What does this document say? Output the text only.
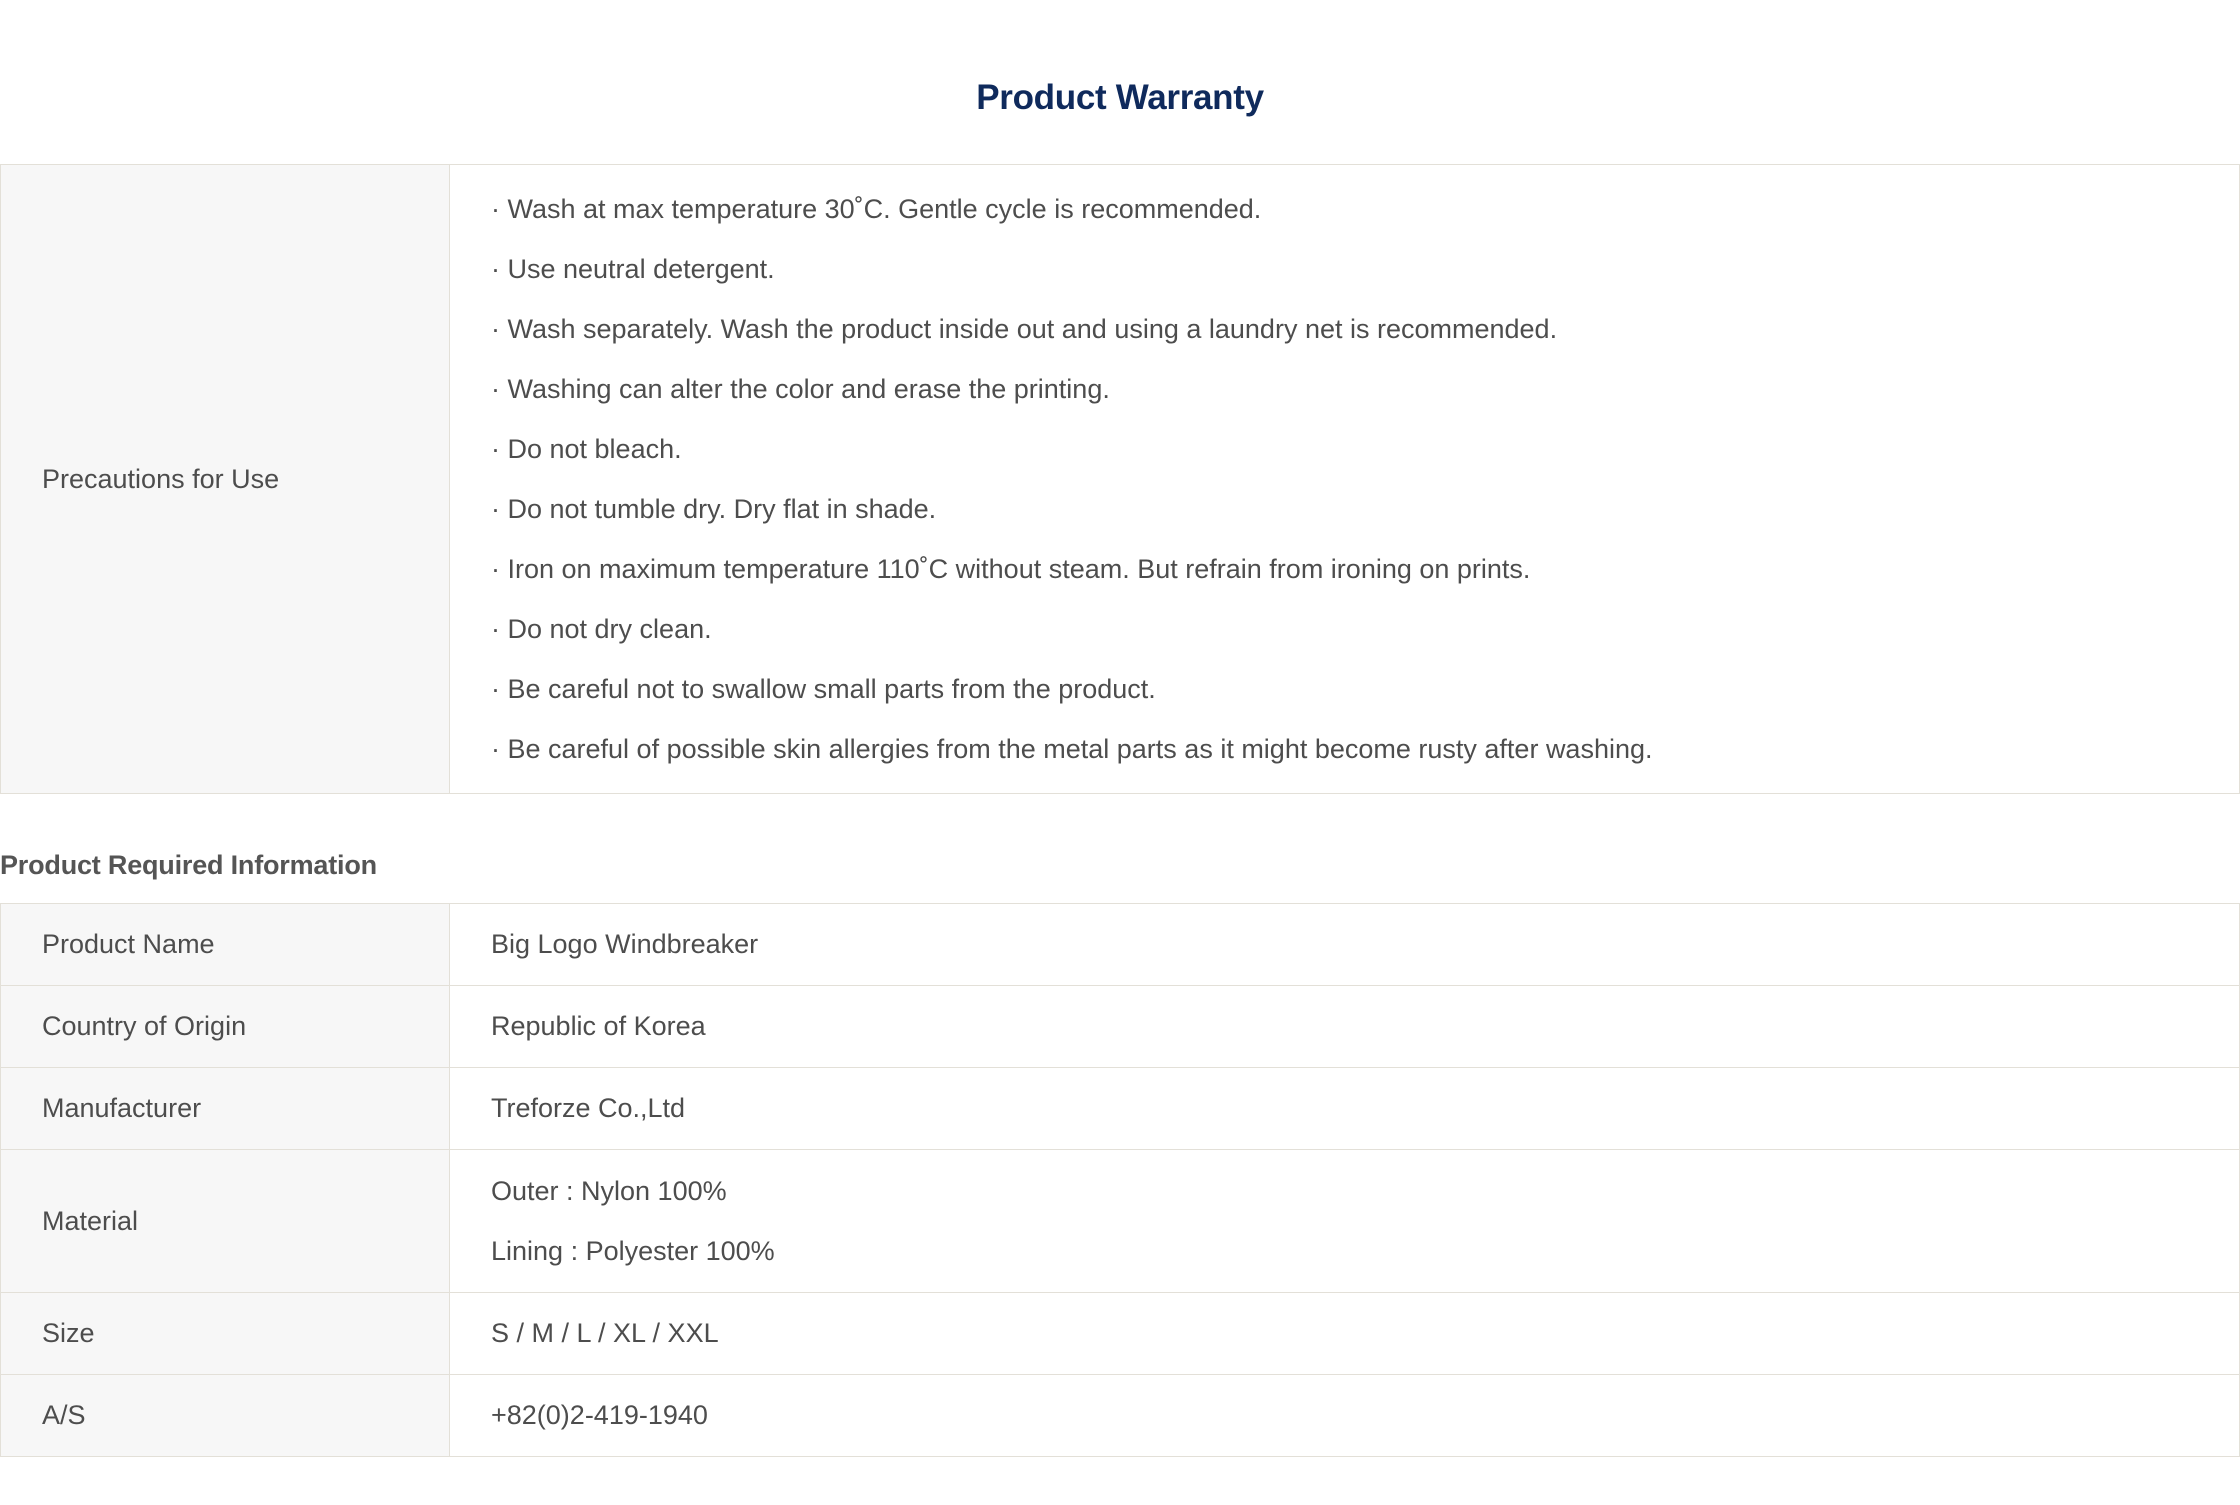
Product Warranty
Precautions for Use	
· Wash at max temperature 30˚C. Gentle cycle is recommended.
· Use neutral detergent.
· Wash separately. Wash the product inside out and using a laundry net is recommended.
· Washing can alter the color and erase the printing.
· Do not bleach.
· Do not tumble dry. Dry flat in shade.
· Iron on maximum temperature 110˚C without steam. But refrain from ironing on prints.
· Do not dry clean.
· Be careful not to swallow small parts from the product.
· Be careful of possible skin allergies from the metal parts as it might become rusty after washing.
Product Required Information
Product Name	Big Logo Windbreaker
Country of Origin	Republic of Korea
Manufacturer	Treforze Co.,Ltd
Material	Outer : Nylon 100%
Lining : Polyester 100%

Size	S / M / L / XL / XXL
A/S	+82(0)2-419-1940
